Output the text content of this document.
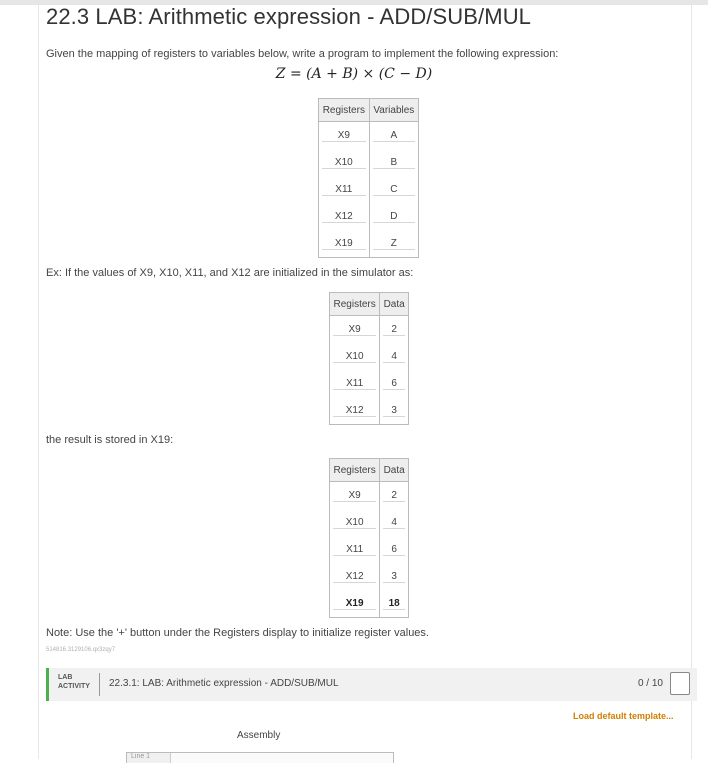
22.3 LAB: Arithmetic expression - ADD/SUB/MUL

Given the mapping of registers to variables below, write a program to implement the following expression:

Z = (A + B) × (C − D)
Registers	Variables

X9	A

X10	B

X11	C

X12	D

X19	Z

Ex: If the values of X9, X10, X11, and X12 are initialized in the simulator as:

Registers	Data

X9	2

X10	4

X11	6

X12	3

the result is stored in X19:

Registers	Data

X9	2

X10	4

X11	6

X12	3

X19	18

Note: Use the '+' button under the Registers display to initialize register values.

514816.3129106.qx3zqy7
LAB
ACTIVITY 22.3.1: LAB: Arithmetic expression - ADD/SUB/MUL	0 / 10
Load default template...
Assembly
Line 1
